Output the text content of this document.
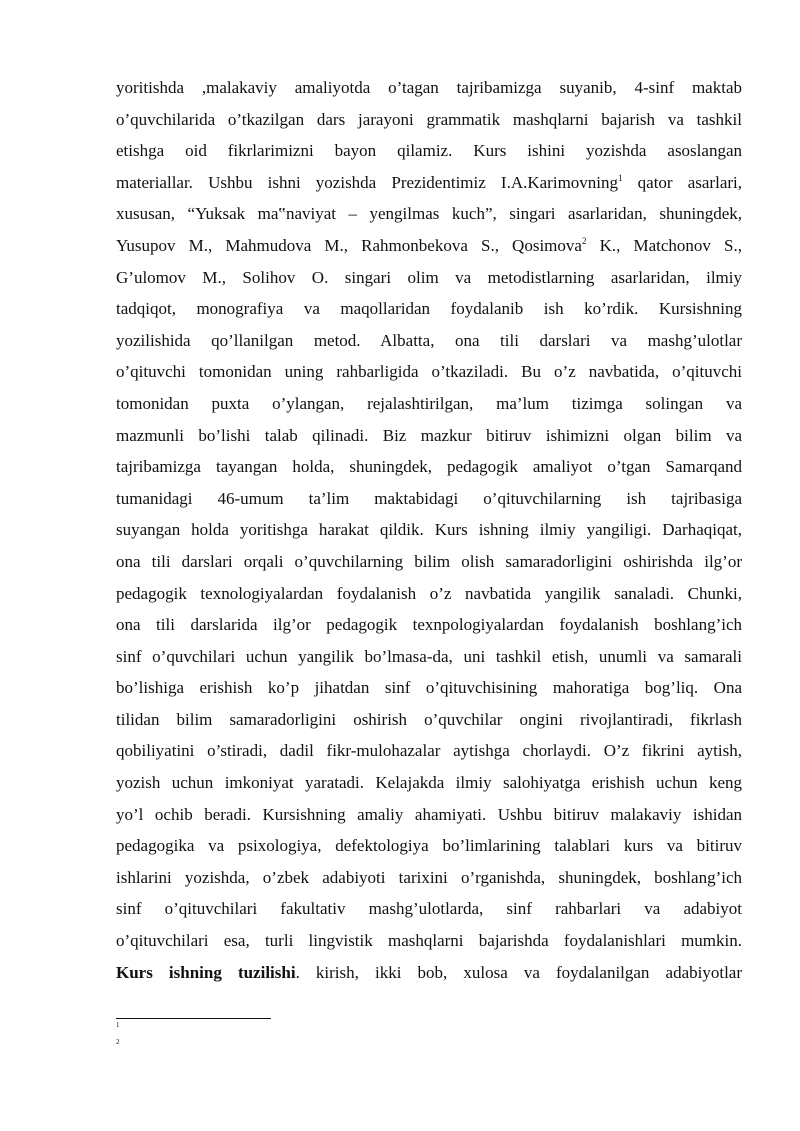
yoritishda ,malakaviy amaliyotda o’tagan tajribamizga suyanib, 4-sinf maktab
o’quvchilarida o’tkazilgan dars jarayoni grammatik mashqlarni bajarish va tashkil
etishga oid fikrlarimizni bayon qilamiz. Kurs ishini yozishda asoslangan
materiallar. Ushbu ishni yozishda Prezidentimiz I.A.Karimovning$^1$ qator asarlari,
xususan, “Yuksak ma‟naviyat – yengilmas kuch”, singari asarlaridan, shuningdek,
Yusupov M., Mahmudova M., Rahmonbekova S., Qosimova$^2$ K., Matchonov S.,
G’ulomov M., Solihov O. singari olim va metodistlarning asarlaridan, ilmiy
tadqiqot, monografiya va maqollaridan foydalanib ish ko’rdik. Kursishning
yozilishida qo’llanilgan metod. Albatta, ona tili darslari va mashg’ulotlar
o’qituvchi tomonidan uning rahbarligida o’tkaziladi. Bu o’z navbatida, o’qituvchi
tomonidan puxta o’ylangan, rejalashtirilgan, ma’lum tizimga solingan va
mazmunli bo’lishi talab qilinadi. Biz mazkur bitiruv ishimizni olgan bilim va
tajribamizga tayangan holda, shuningdek, pedagogik amaliyot o’tgan Samarqand
tumanidagi 46-umum ta’lim maktabidagi o’qituvchilarning ish tajribasiga
suyangan holda yoritishga harakat qildik. Kurs ishning ilmiy yangiligi. Darhaqiqat,
ona tili darslari orqali o’quvchilarning bilim olish samaradorligini oshirishda ilg’or
pedagogik texnologiyalardan foydalanish o’z navbatida yangilik sanaladi. Chunki,
ona tili darslarida ilg’or pedagogik texnpologiyalardan foydalanish boshlang’ich
sinf o’quvchilari uchun yangilik bo’lmasa-da, uni tashkil etish, unumli va samarali
bo’lishiga erishish ko’p jihatdan sinf o’qituvchisining mahoratiga bog’liq. Ona
tilidan bilim samaradorligini oshirish o’quvchilar ongini rivojlantiradi, fikrlash
qobiliyatini o’stiradi, dadil fikr-mulohazalar aytishga chorlaydi. O’z fikrini aytish,
yozish uchun imkoniyat yaratadi. Kelajakda ilmiy salohiyatga erishish uchun keng
yo’l ochib beradi. Kursishning amaliy ahamiyati. Ushbu bitiruv malakaviy ishidan
pedagogika va psixologiya, defektologiya bo’limlarining talablari kurs va bitiruv
ishlarini yozishda, o’zbek adabiyoti tarixini o’rganishda, shuningdek, boshlang’ich
sinf o’qituvchilari fakultativ mashg’ulotlarda, sinf rahbarlari va adabiyot
o’qituvchilari esa, turli lingvistik mashqlarni bajarishda foydalanishlari mumkin.
Kurs ishning tuzilishi. kirish, ikki bob, xulosa va foydalanilgan adabiyotlar
1
2
